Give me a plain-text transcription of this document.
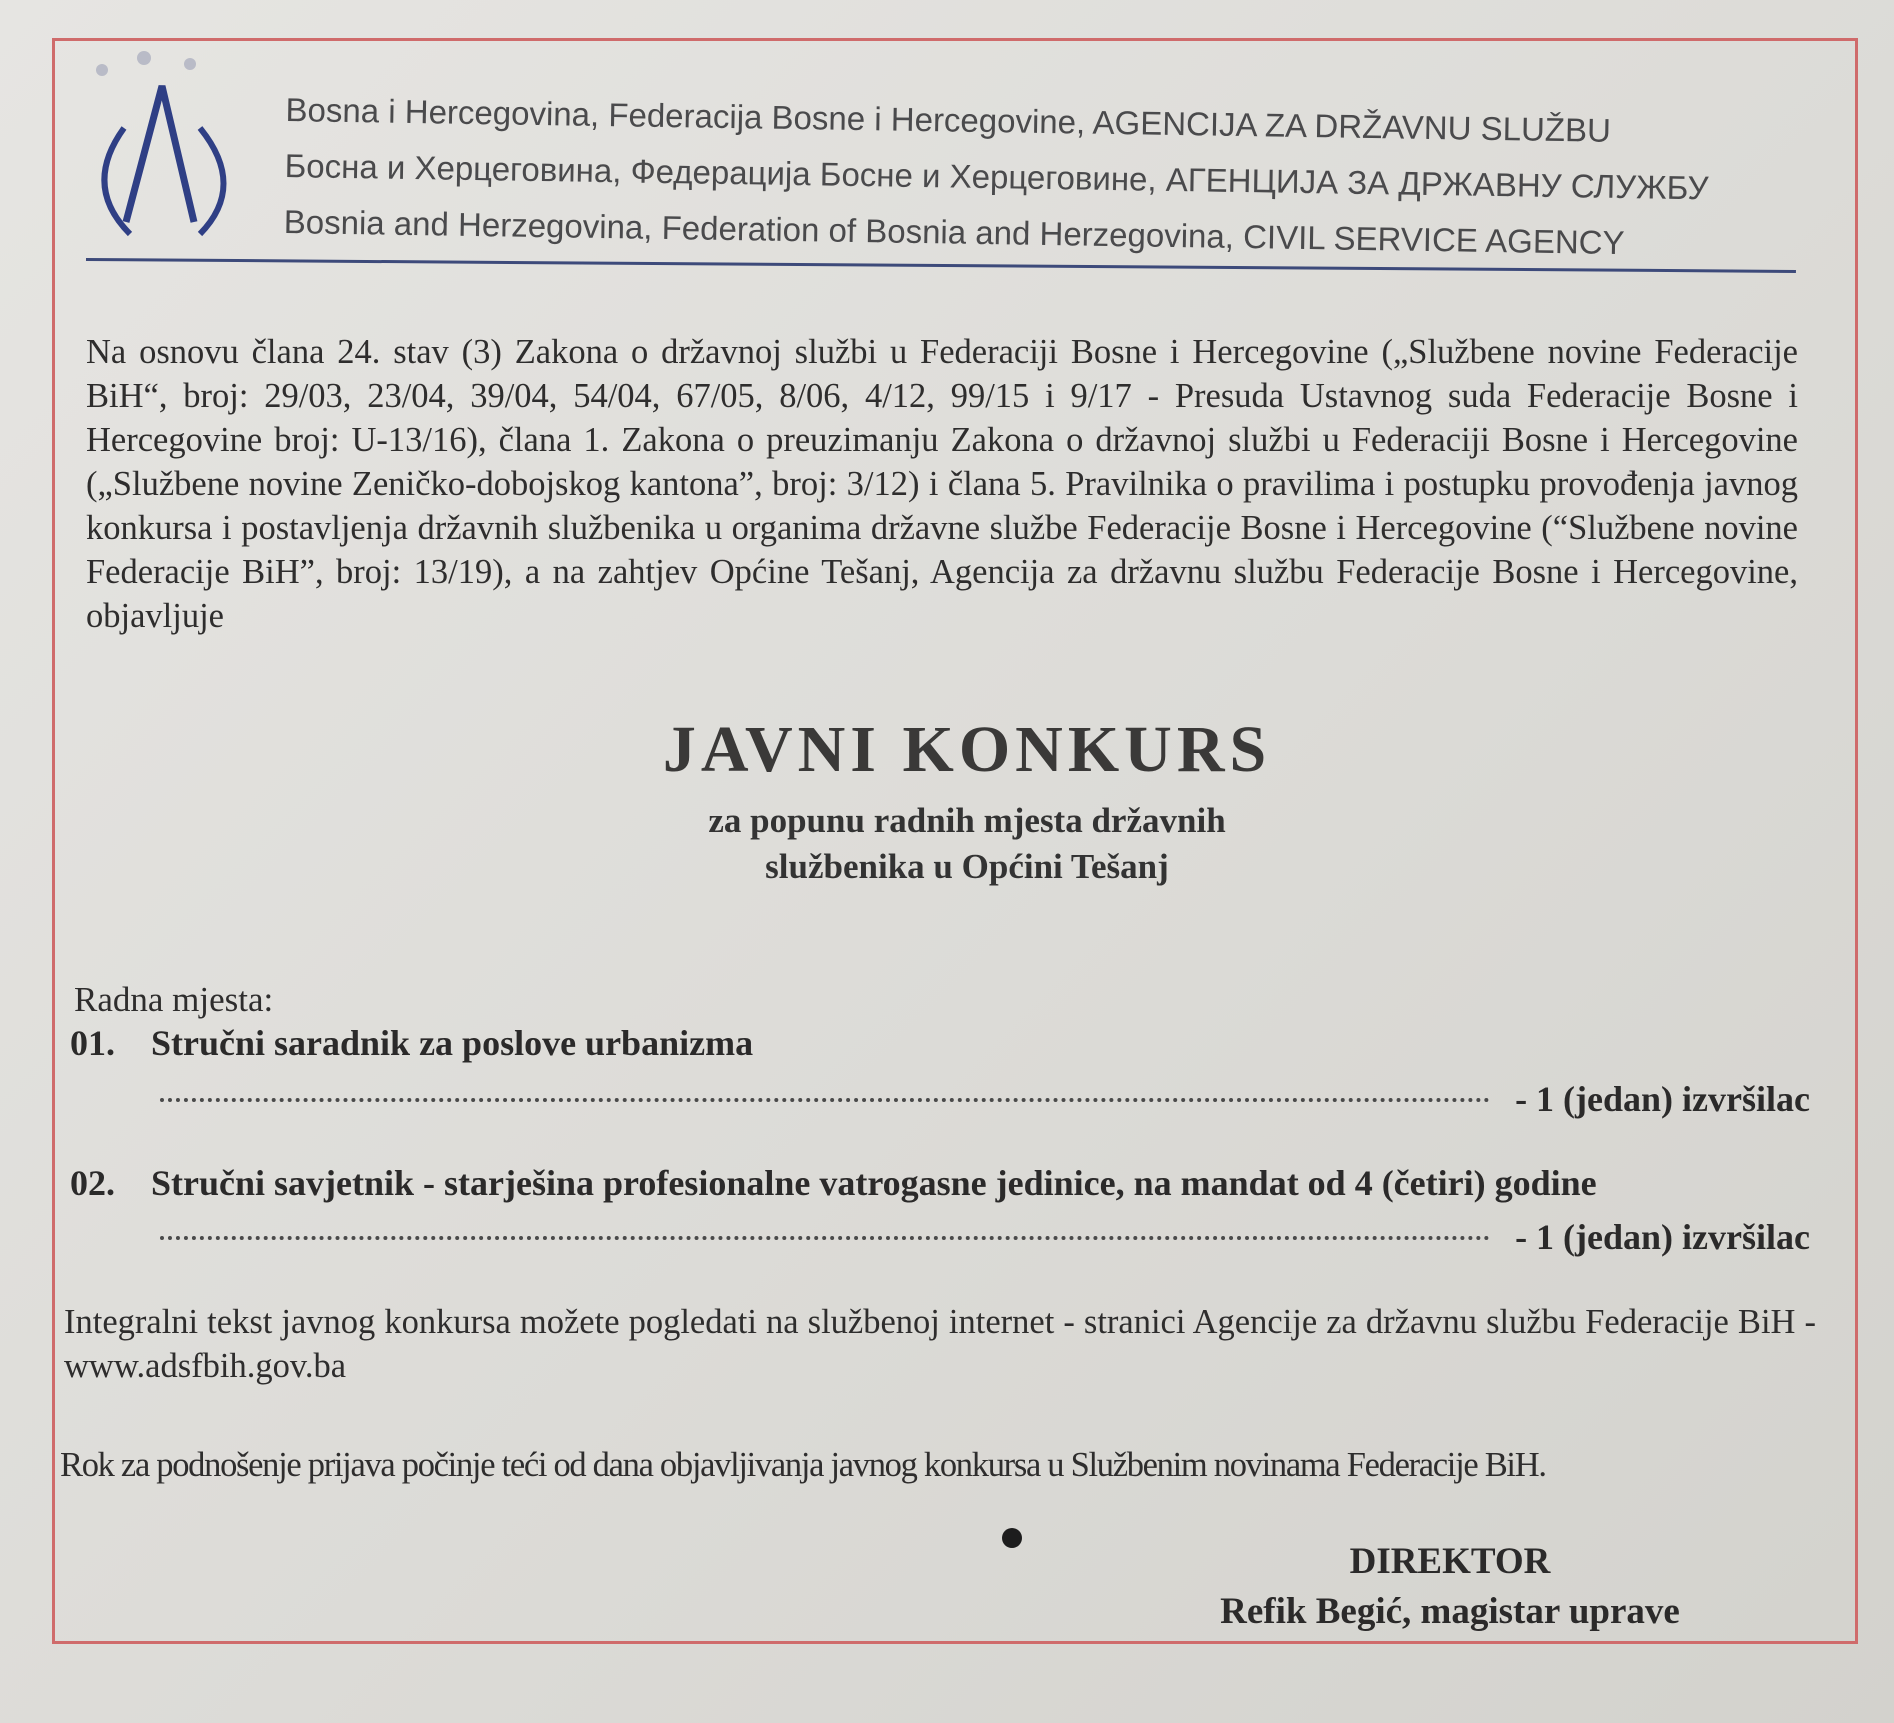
Bosna i Hercegovina, Federacija Bosne i Hercegovine, AGENCIJA ZA DRŽAVNU SLUŽBU
Босна и Херцеговина, Федерација Босне и Херцеговине, АГЕНЦИЈА ЗА ДРЖАВНУ СЛУЖБУ
Bosnia and Herzegovina, Federation of Bosnia and Herzegovina, CIVIL SERVICE AGENCY
Na osnovu člana 24. stav (3) Zakona o državnoj službi u Federaciji Bosne i Hercegovine („Službene novine Federacije BiH“, broj: 29/03, 23/04, 39/04, 54/04, 67/05, 8/06, 4/12, 99/15 i 9/17 - Presuda Ustavnog suda Federacije Bosne i Hercegovine broj: U-13/16), člana 1. Zakona o preuzimanju Zakona o državnoj službi u Federaciji Bosne i Hercegovine („Službene novine Zeničko-dobojskog kantona”, broj: 3/12) i člana 5. Pravilnika o pravilima i postupku provođenja javnog konkursa i postavljenja državnih službenika u organima državne službe Federacije Bosne i Hercegovine (“Službene novine Federacije BiH”, broj: 13/19), a na zahtjev Općine Tešanj, Agencija za državnu službu Federacije Bosne i Hercegovine, objavljuje
JAVNI KONKURS
za popunu radnih mjesta državnih
službenika u Općini Tešanj
Radna mjesta:
01. Stručni saradnik za poslove urbanizma
- 1 (jedan) izvršilac
02. Stručni savjetnik - starješina profesionalne vatrogasne jedinice, na mandat od 4 (četiri) godine
- 1 (jedan) izvršilac
Integralni tekst javnog konkursa možete pogledati na službenoj internet - stranici Agencije za državnu službu Federacije BiH - www.adsfbih.gov.ba
Rok za podnošenje prijava počinje teći od dana objavljivanja javnog konkursa u Službenim novinama Federacije BiH.
DIREKTOR
Refik Begić, magistar uprave
